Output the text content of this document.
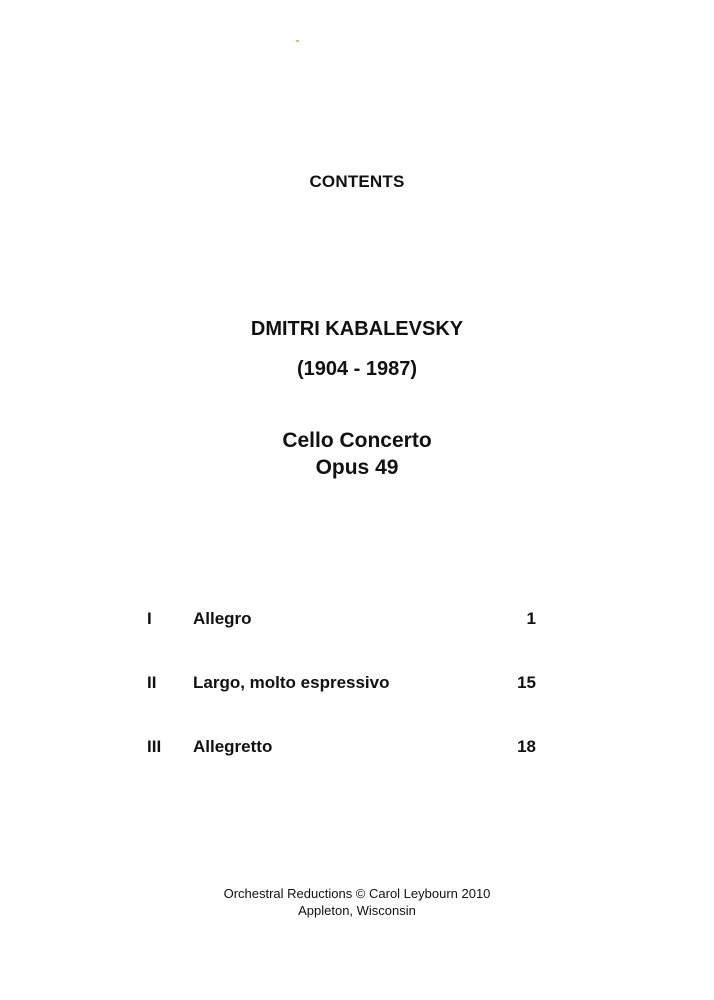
CONTENTS
DMITRI KABALEVSKY
(1904 - 1987)
Cello Concerto
Opus 49
I Allegro	1
II Largo, molto espressivo	15
III Allegretto	18
Orchestral Reductions © Carol Leybourn 2010
Appleton, Wisconsin
